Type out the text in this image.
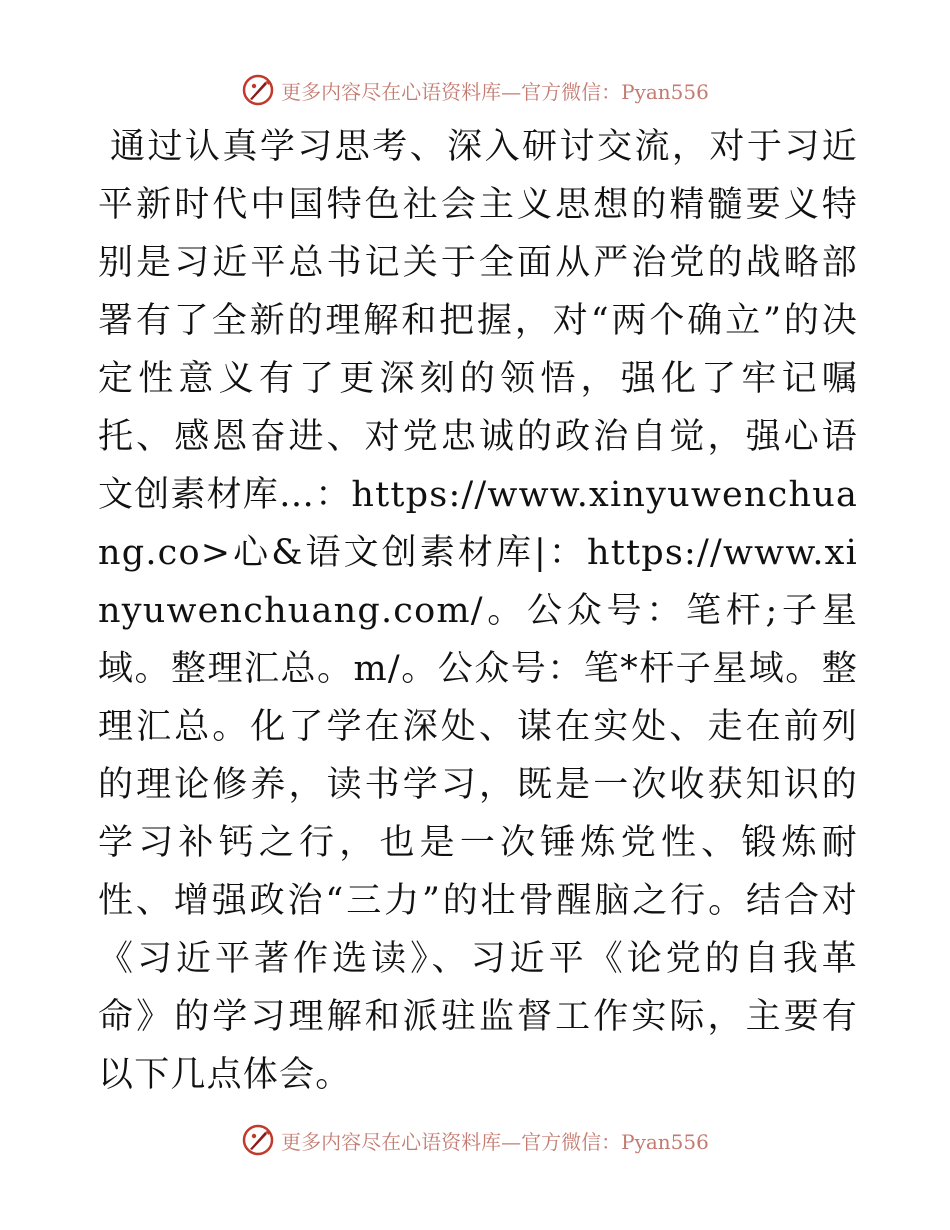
更多内容尽在心语资料库—官方微信：Pyan556

通过认真学习思考、深入研讨交流，对于习近平新时代中国特色社会主义思想的精髓要义特别是习近平总书记关于全面从严治党的战略部署有了全新的理解和把握，对“两个确立”的决定性意义有了更深刻的领悟，强化了牢记嘱托、感恩奋进、对党忠诚的政治自觉，强心语文创素材库…：https://www.xinyuwenchuang.co>心&语文创素材库|：https://www.xinyuwenchuang.com/。公众号：笔杆;子星域。整理汇总。m/。公众号：笔*杆子星域。整理汇总。化了学在深处、谋在实处、走在前列的理论修养，读书学习，既是一次收获知识的学习补钙之行，也是一次锤炼党性、锻炼耐性、增强政治“三力”的壮骨醒脑之行。结合对《习近平著作选读》、习近平《论党的自我革命》的学习理解和派驻监督工作实际，主要有以下几点体会。

更多内容尽在心语资料库—官方微信：Pyan556
